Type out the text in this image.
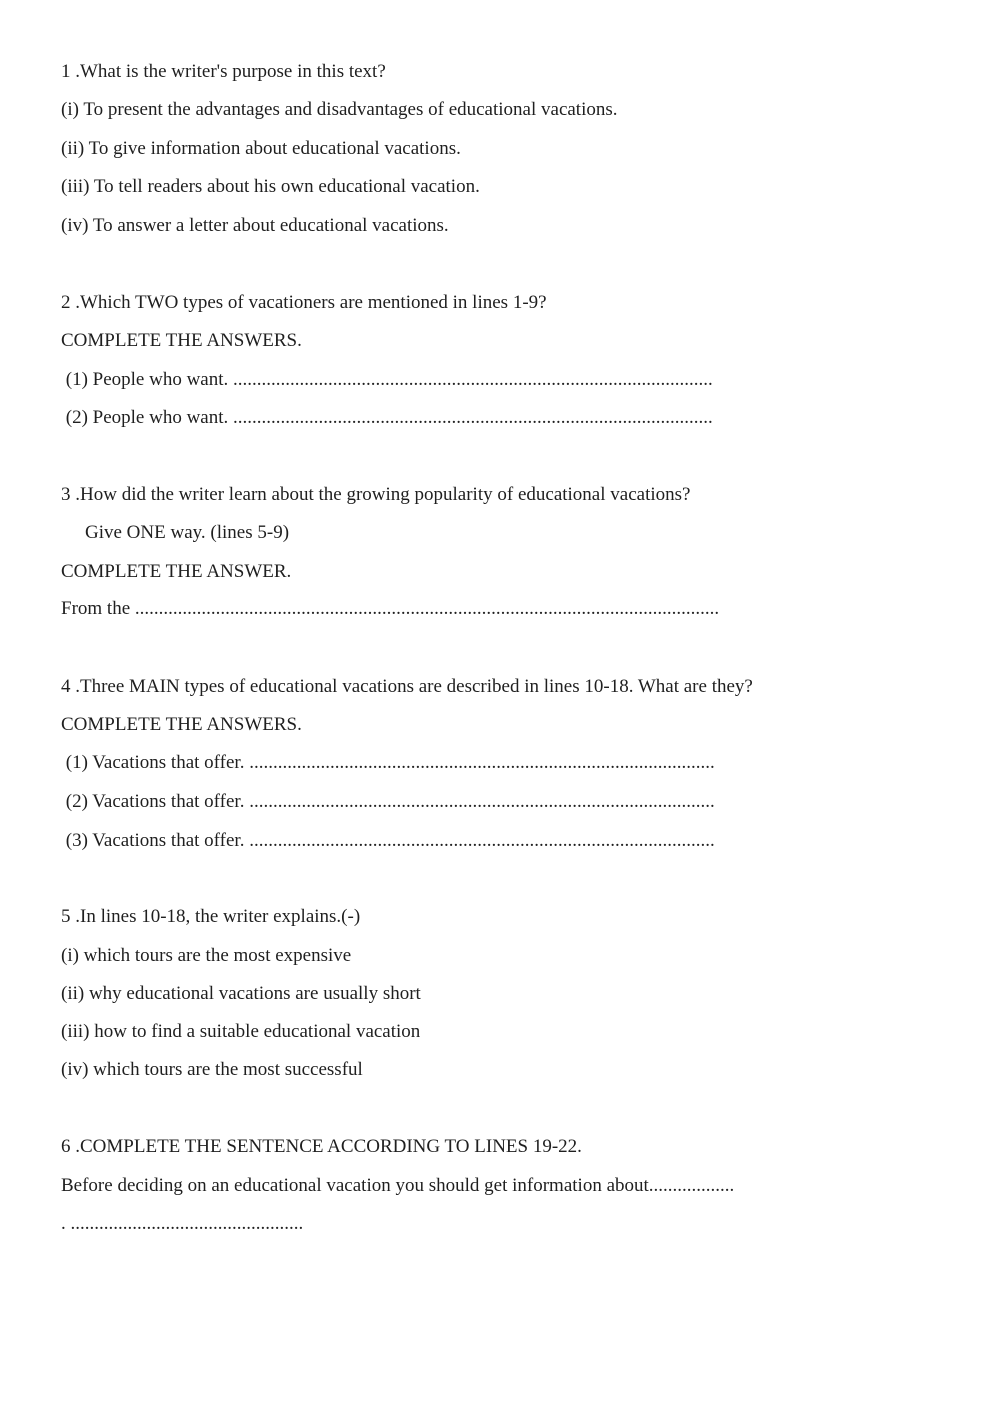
1 .What is the writer's purpose in this text?
(i) To present the advantages and disadvantages of educational vacations.
(ii) To give information about educational vacations.
(iii) To tell readers about his own educational vacation.
(iv) To answer a letter about educational vacations.
2 .Which TWO types of vacationers are mentioned in lines 1-9?
COMPLETE THE ANSWERS.
(1) People who want. .....................................................................................................
(2) People who want. .....................................................................................................
3 .How did the writer learn about the growing popularity of educational vacations?
Give ONE way. (lines 5-9)
COMPLETE THE ANSWER.
From the ...........................................................................................................................
4 .Three MAIN types of educational vacations are described in lines 10-18. What are they?
COMPLETE THE ANSWERS.
(1) Vacations that offer. ..................................................................................................
(2) Vacations that offer. ..................................................................................................
(3) Vacations that offer. ..................................................................................................
5 .In lines 10-18, the writer explains.(-)
(i) which tours are the most expensive
(ii) why educational vacations are usually short
(iii) how to find a suitable educational vacation
(iv) which tours are the most successful
6 .COMPLETE THE SENTENCE ACCORDING TO LINES 19-22.
Before deciding on an educational vacation you should get information about..................
. .................................................
